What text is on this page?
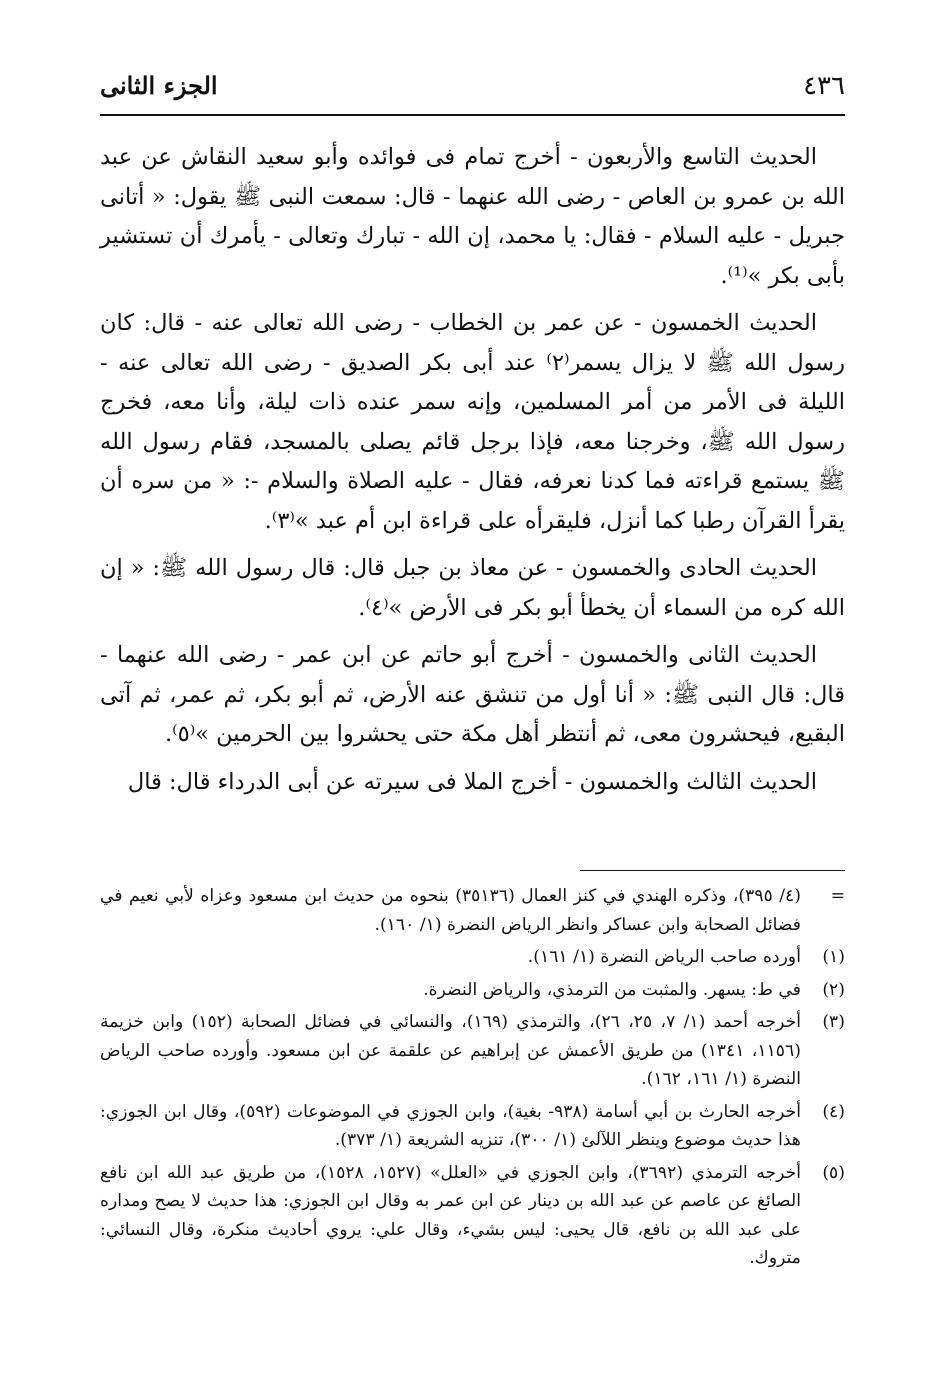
٤٣٦
الجزء الثانى

الحديث التاسع والأربعون - أخرج تمام فى فوائده وأبو سعيد النقاش عن عبد الله بن عمرو بن العاص - رضى الله عنهما - قال: سمعت النبى ﷺ يقول: « أتانى جبريل - عليه السلام - فقال: يا محمد، إن الله - تبارك وتعالى - يأمرك أن تستشير بأبى بكر »⁽¹⁾.

الحديث الخمسون - عن عمر بن الخطاب - رضى الله تعالى عنه - قال: كان رسول الله ﷺ لا يزال يسمر⁽٢⁾ عند أبى بكر الصديق - رضى الله تعالى عنه - الليلة فى الأمر من أمر المسلمين، وإنه سمر عنده ذات ليلة، وأنا معه، فخرج رسول الله ﷺ، وخرجنا معه، فإذا برجل قائم يصلى بالمسجد، فقام رسول الله ﷺ يستمع قراءته فما كدنا نعرفه، فقال - عليه الصلاة والسلام -: « من سره أن يقرأ القرآن رطبا كما أنزل، فليقرأه على قراءة ابن أم عبد »⁽٣⁾.

الحديث الحادى والخمسون - عن معاذ بن جبل قال: قال رسول الله ﷺ: « إن الله كره من السماء أن يخطأ أبو بكر فى الأرض »⁽٤⁾.

الحديث الثانى والخمسون - أخرج أبو حاتم عن ابن عمر - رضى الله عنهما - قال: قال النبى ﷺ: « أنا أول من تنشق عنه الأرض، ثم أبو بكر، ثم عمر، ثم آتى البقيع، فيحشرون معى، ثم أنتظر أهل مكة حتى يحشروا بين الحرمين »⁽٥⁾.

الحديث الثالث والخمسون - أخرج الملا فى سيرته عن أبى الدرداء قال: قال

=
(٤/ ٣٩٥)، وذكره الهندي في كنز العمال (٣٥١٣٦) بنحوه من حديث ابن مسعود وعزاه لأبي نعيم في فضائل الصحابة وابن عساكر وانظر الرياض النضرة (١/ ١٦٠).
(١)
أورده صاحب الرياض النضرة (١/ ١٦١).
(٢)
في ط: يسهر. والمثبت من الترمذي، والرياض النضرة.
(٣)
أخرجه أحمد (١/ ٧، ٢٥، ٢٦)، والترمذي (١٦٩)، والنسائي في فضائل الصحابة (١٥٢) وابن خزيمة (١١٥٦، ١٣٤١) من طريق الأعمش عن إبراهيم عن علقمة عن ابن مسعود. وأورده صاحب الرياض النضرة (١/ ١٦١، ١٦٢).
(٤)
أخرجه الحارث بن أبي أسامة (٩٣٨- بغية)، وابن الجوزي في الموضوعات (٥٩٢)، وقال ابن الجوزي: هذا حديث موضوع وينظر اللآلئ (١/ ٣٠٠)، تنزيه الشريعة (١/ ٣٧٣).
(٥)
أخرجه الترمذي (٣٦٩٢)، وابن الجوزي في «العلل» (١٥٢٧، ١٥٢٨)، من طريق عبد الله ابن نافع الصائغ عن عاصم عن عبد الله بن دينار عن ابن عمر به وقال ابن الجوزي: هذا حديث لا يصح ومداره على عبد الله بن نافع، قال يحيى: ليس بشيء، وقال علي: يروي أحاديث منكرة، وقال النسائي: متروك.
